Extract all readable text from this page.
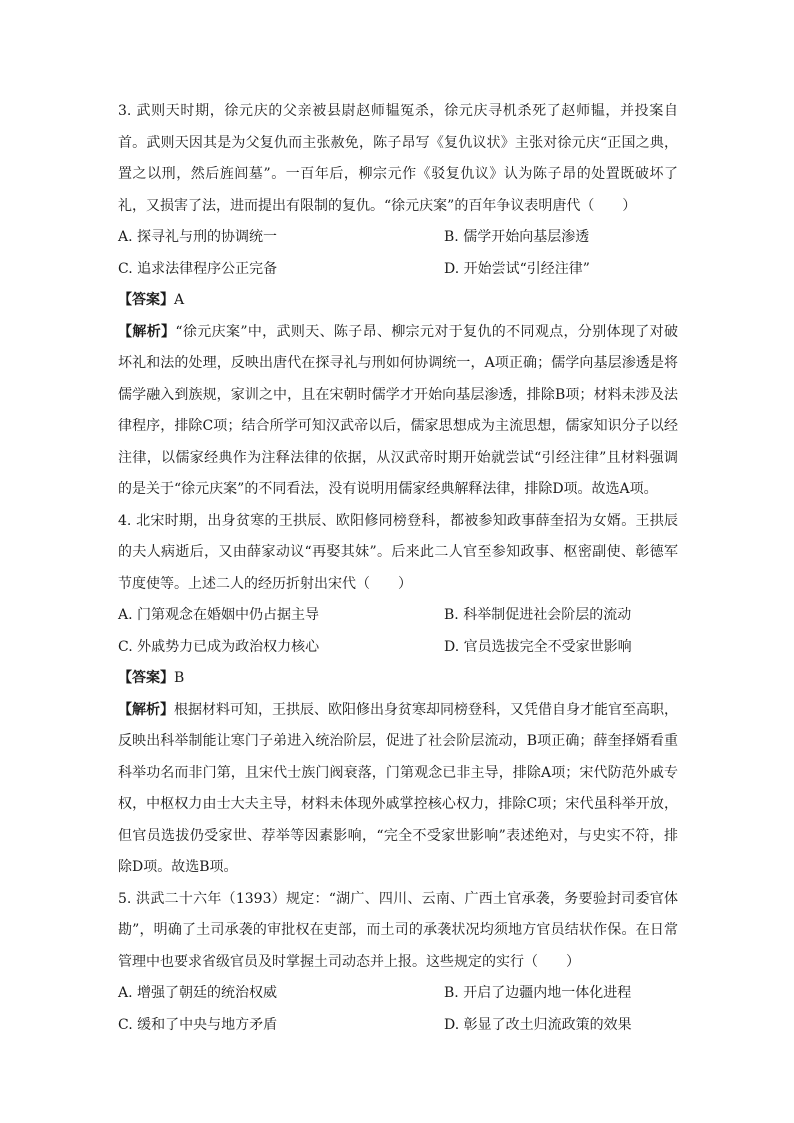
3. 武则天时期，徐元庆的父亲被县尉赵师韫冤杀，徐元庆寻机杀死了赵师韫，并投案自首。武则天因其是为父复仇而主张赦免，陈子昂写《复仇议状》主张对徐元庆“正国之典，置之以刑，然后旌闾墓”。一百年后，柳宗元作《驳复仇议》认为陈子昂的处置既破坏了礼，又损害了法，进而提出有限制的复仇。“徐元庆案”的百年争议表明唐代（　　）

A. 探寻礼与刑的协调统一	B. 儒学开始向基层渗透
C. 追求法律程序公正完备	D. 开始尝试“引经注律”

【答案】A

【解析】“徐元庆案”中，武则天、陈子昂、柳宗元对于复仇的不同观点，分别体现了对破坏礼和法的处理，反映出唐代在探寻礼与刑如何协调统一，A项正确；儒学向基层渗透是将儒学融入到族规，家训之中，且在宋朝时儒学才开始向基层渗透，排除B项；材料未涉及法律程序，排除C项；结合所学可知汉武帝以后，儒家思想成为主流思想，儒家知识分子以经注律，以儒家经典作为注释法律的依据，从汉武帝时期开始就尝试“引经注律”且材料强调的是关于“徐元庆案”的不同看法，没有说明用儒家经典解释法律，排除D项。故选A项。

4. 北宋时期，出身贫寒的王拱辰、欧阳修同榜登科，都被参知政事薛奎招为女婿。王拱辰的夫人病逝后，又由薛家动议“再娶其妹”。后来此二人官至参知政事、枢密副使、彰德军节度使等。上述二人的经历折射出宋代（　　）

A. 门第观念在婚姻中仍占据主导	B. 科举制促进社会阶层的流动
C. 外戚势力已成为政治权力核心	D. 官员选拔完全不受家世影响

【答案】B

【解析】根据材料可知，王拱辰、欧阳修出身贫寒却同榜登科，又凭借自身才能官至高职，反映出科举制能让寒门子弟进入统治阶层，促进了社会阶层流动，B项正确；薛奎择婿看重科举功名而非门第，且宋代士族门阀衰落，门第观念已非主导，排除A项；宋代防范外戚专权，中枢权力由士大夫主导，材料未体现外戚掌控核心权力，排除C项；宋代虽科举开放，但官员选拔仍受家世、荐举等因素影响，“完全不受家世影响”表述绝对，与史实不符，排除D项。故选B项。

5. 洪武二十六年（1393）规定：“湖广、四川、云南、广西土官承袭，务要验封司委官体勘”，明确了土司承袭的审批权在吏部，而土司的承袭状况均须地方官员结状作保。在日常管理中也要求省级官员及时掌握土司动态并上报。这些规定的实行（　　）

A. 增强了朝廷的统治权威	B. 开启了边疆内地一体化进程
C. 缓和了中央与地方矛盾	D. 彰显了改土归流政策的效果
